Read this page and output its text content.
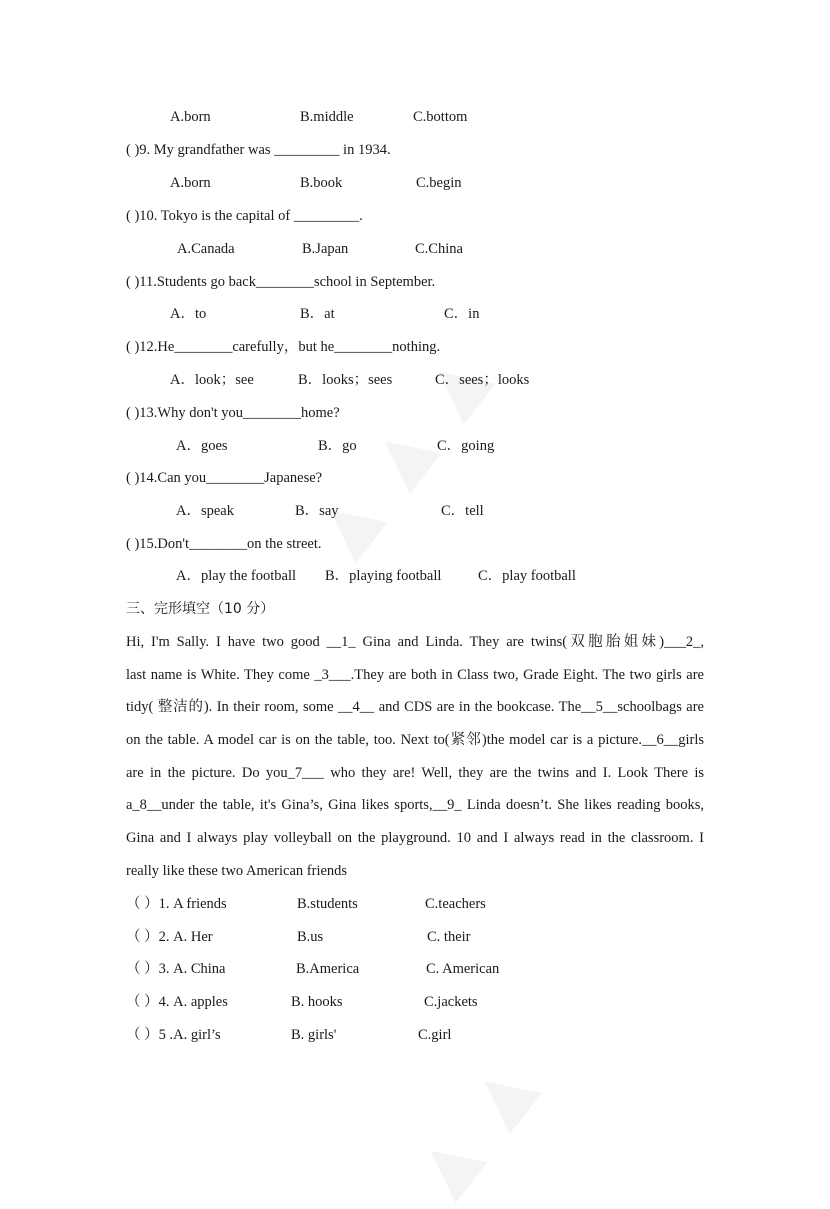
A.born	B.middle	C.bottom
( )9. My grandfather was _________ in 1934.
A.born	B.book	C.begin
( )10. Tokyo is the capital of _________.
A.Canada	B.Japan	C.China
( )11.Students go back________school in September.
A．to	B．at	C．in
( )12.He________carefully，but he________nothing.
A．look；see	B．looks；sees	C．sees；looks
( )13.Why don't you________home?
A．goes	B．go	C．going
( )14.Can you________Japanese?
A．speak	B．say	C．tell
( )15.Don't________on the street.
A．play the football B．playing football	C．play football
三、完形填空（10 分）
Hi, I'm Sally. I have two good __1_ Gina and Linda. They are twins(双胞胎姐妹)___2_,
last name is White. They come _3___.They are both in Class two, Grade Eight. The two girls are
tidy( 整洁的). In their room, some __4__ and CDS are in the bookcase. The__5__schoolbags are
on the table. A model car is on the table, too. Next to(紧邻)the model car is a picture.__6__girls
are in the picture. Do you_7___ who they are! Well, they are the twins and I. Look There is
a_8__under the table, it's Gina’s, Gina likes sports,__9_ Linda doesn’t. She likes reading books,
Gina and I always play volleyball on the playground. 10 and I always read in the classroom. I
really like these two American friends
（ ）1. A friends	B.students	C.teachers
（ ）2. A. Her	B.us	C. their
（ ）3. A. China	B.America	C. American
（ ）4. A. apples	B. hooks	C.jackets
（ ）5 .A. girl’s	B. girls'	C.girl
